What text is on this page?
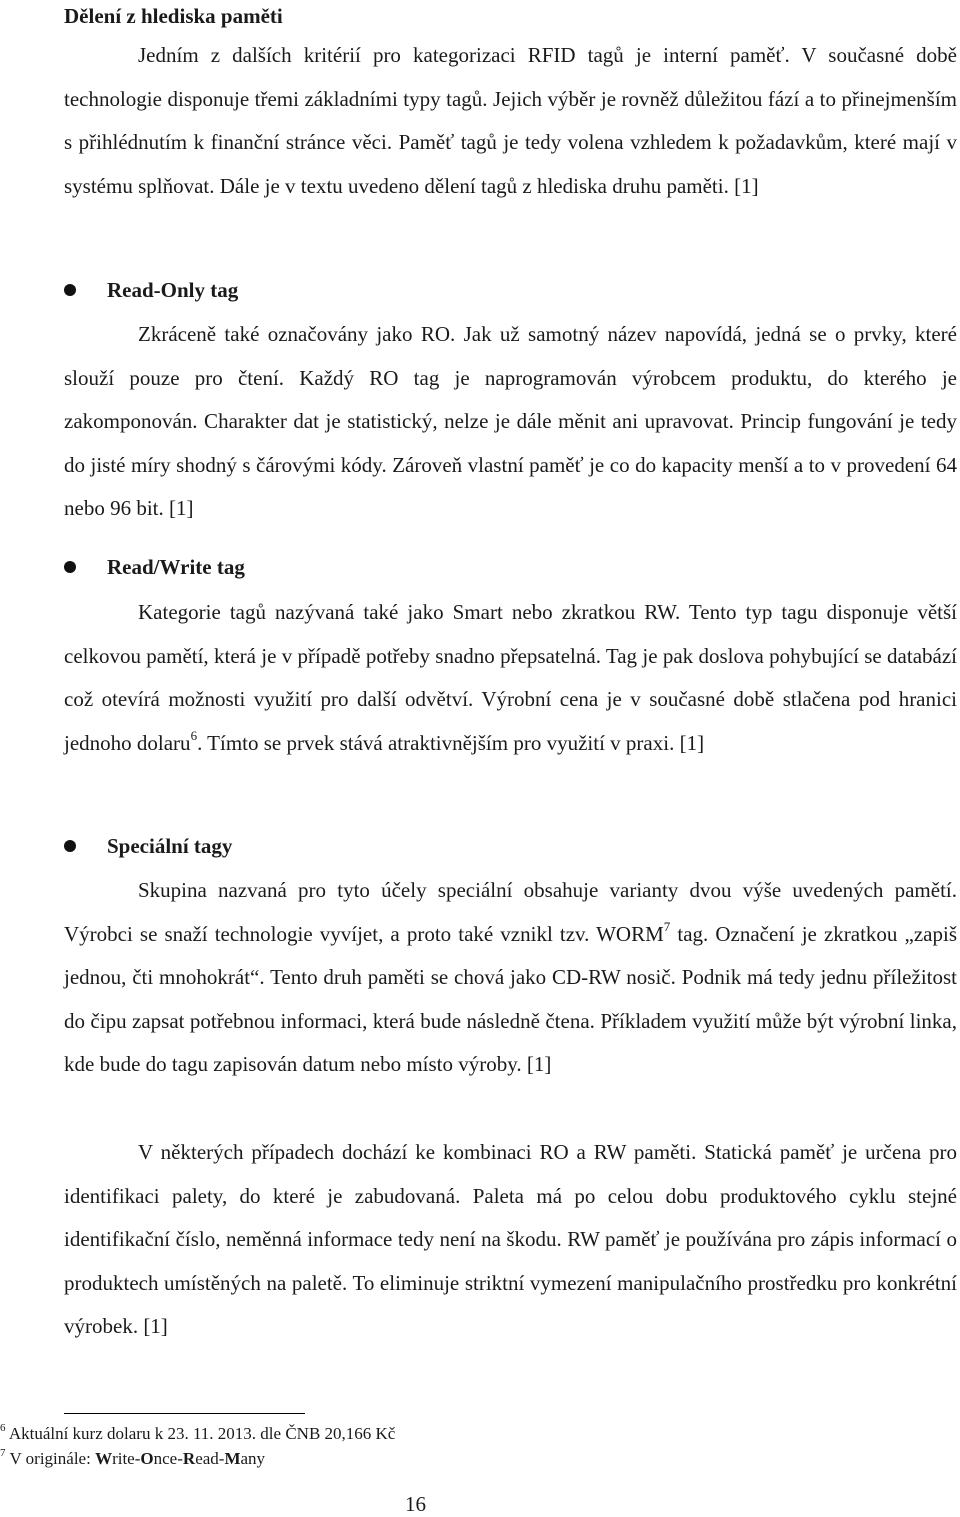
Dělení z hlediska paměti

Jedním z dalších kritérií pro kategorizaci RFID tagů je interní paměť. V současné době technologie disponuje třemi základními typy tagů. Jejich výběr je rovněž důležitou fází a to přinejmenším s přihlédnutím k finanční stránce věci. Paměť tagů je tedy volena vzhledem k požadavkům, které mají v systému splňovat. Dále je v textu uvedeno dělení tagů z hlediska druhu paměti. [1]

Read-Only tag

Zkráceně také označovány jako RO. Jak už samotný název napovídá, jedná se o prvky, které slouží pouze pro čtení. Každý RO tag je naprogramován výrobcem produktu, do kterého je zakomponován. Charakter dat je statistický, nelze je dále měnit ani upravovat. Princip fungování je tedy do jisté míry shodný s čárovými kódy. Zároveň vlastní paměť je co do kapacity menší a to v provedení 64 nebo 96 bit. [1]

Read/Write tag

Kategorie tagů nazývaná také jako Smart nebo zkratkou RW. Tento typ tagu disponuje větší celkovou pamětí, která je v případě potřeby snadno přepsatelná. Tag je pak doslova pohybující se databází což otevírá možnosti využití pro další odvětví. Výrobní cena je v současné době stlačena pod hranici jednoho dolaru$^6$. Tímto se prvek stává atraktivnějším pro využití v praxi. [1]

Speciální tagy

Skupina nazvaná pro tyto účely speciální obsahuje varianty dvou výše uvedených pamětí. Výrobci se snaží technologie vyvíjet, a proto také vznikl tzv. WORM$^7$ tag. Označení je zkratkou „zapiš jednou, čti mnohokrát“. Tento druh paměti se chová jako CD-RW nosič. Podnik má tedy jednu příležitost do čipu zapsat potřebnou informaci, která bude následně čtena. Příkladem využití může být výrobní linka, kde bude do tagu zapisován datum nebo místo výroby. [1]

V některých případech dochází ke kombinaci RO a RW paměti. Statická paměť je určena pro identifikaci palety, do které je zabudovaná. Paleta má po celou dobu produktového cyklu stejné identifikační číslo, neměnná informace tedy není na škodu. RW paměť je používána pro zápis informací o produktech umístěných na paletě. To eliminuje striktní vymezení manipulačního prostředku pro konkrétní výrobek. [1]

$^6$ Aktuální kurz dolaru k 23. 11. 2013. dle ČNB 20,166 Kč
$^7$ V originále: Write-Once-Read-Many
16
